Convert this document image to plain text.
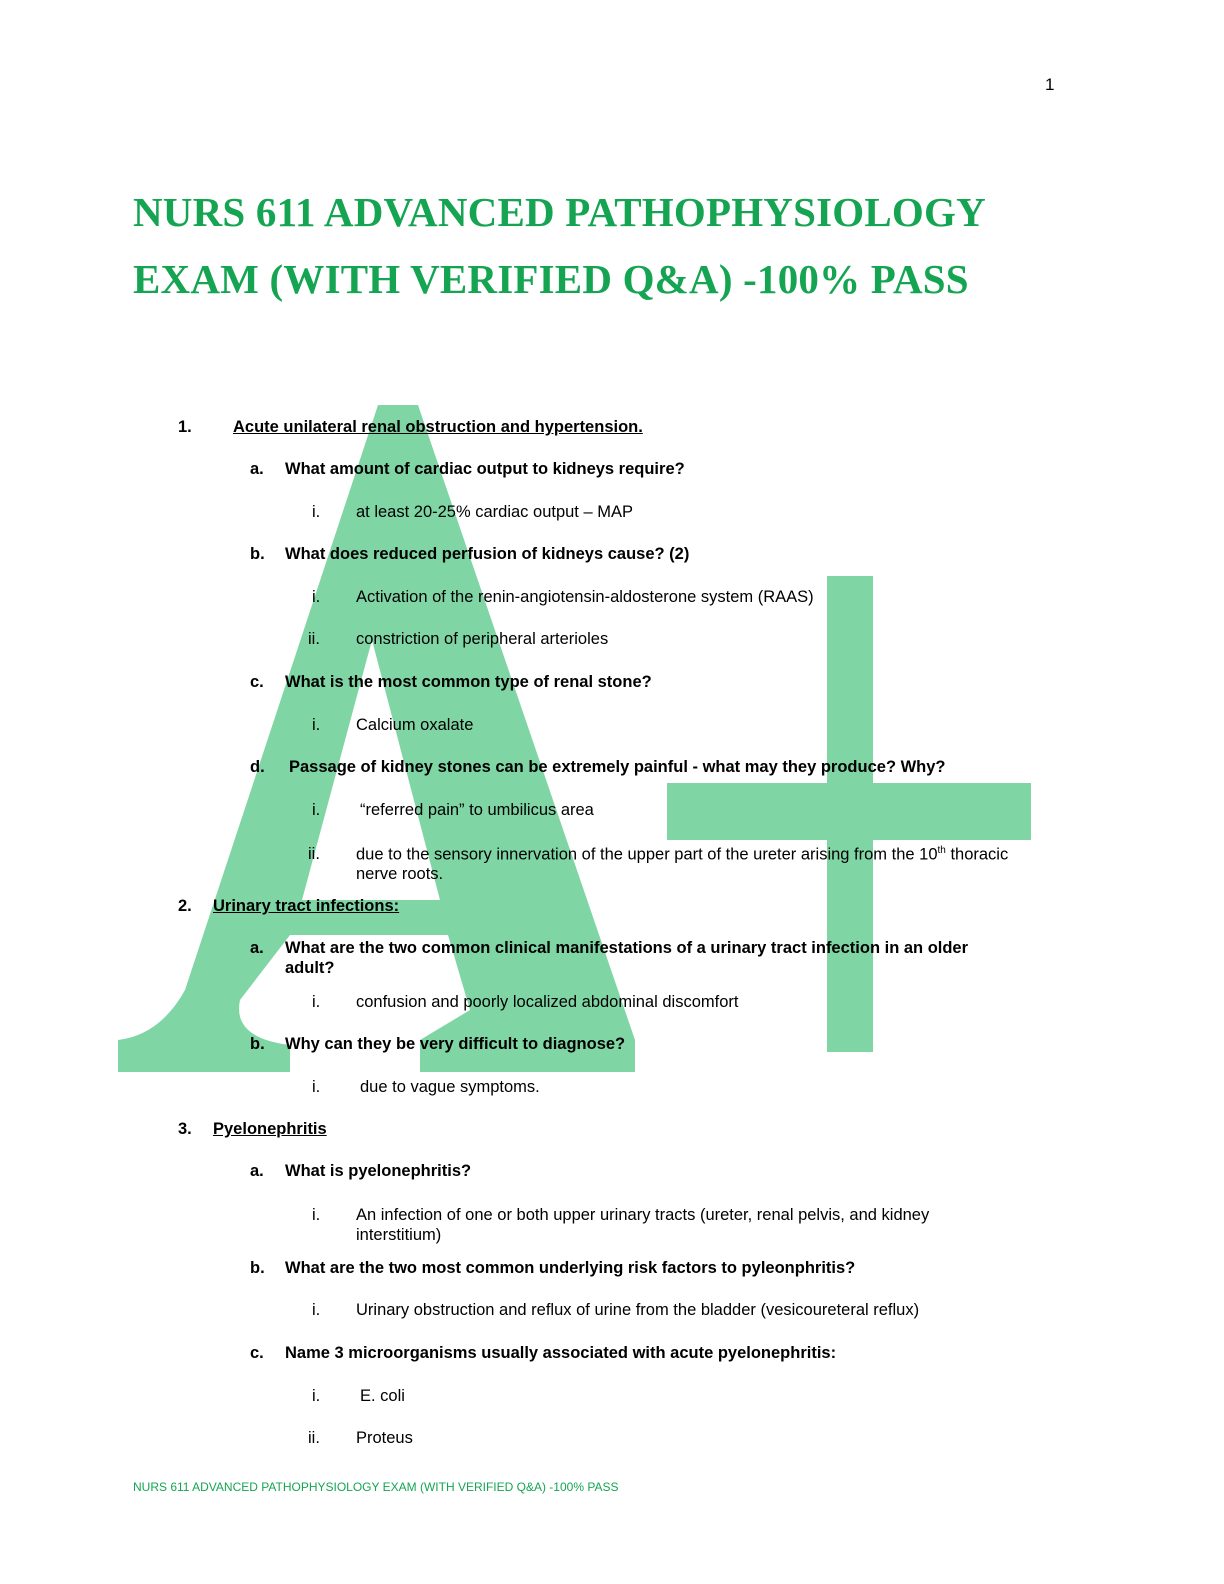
1
NURS 611 ADVANCED PATHOPHYSIOLOGY
EXAM (WITH VERIFIED Q&A) -100% PASS
1. Acute unilateral renal obstruction and hypertension.
a. What amount of cardiac output to kidneys require?
i. at least 20-25% cardiac output – MAP
b. What does reduced perfusion of kidneys cause? (2)
i. Activation of the renin-angiotensin-aldosterone system (RAAS)
ii. constriction of peripheral arterioles
c. What is the most common type of renal stone?
i. Calcium oxalate
d. Passage of kidney stones can be extremely painful - what may they produce? Why?
i. “referred pain” to umbilicus area
ii. due to the sensory innervation of the upper part of the ureter arising from the 10th thoracic
nerve roots.
2. Urinary tract infections:
a. What are the two common clinical manifestations of a urinary tract infection in an older
adult?
i. confusion and poorly localized abdominal discomfort
b. Why can they be very difficult to diagnose?
i. due to vague symptoms.
3. Pyelonephritis
a. What is pyelonephritis?
i. An infection of one or both upper urinary tracts (ureter, renal pelvis, and kidney
interstitium)
b. What are the two most common underlying risk factors to pyleonphritis?
i. Urinary obstruction and reflux of urine from the bladder (vesicoureteral reflux)
c. Name 3 microorganisms usually associated with acute pyelonephritis:
i. E. coli
ii. Proteus
NURS 611 ADVANCED PATHOPHYSIOLOGY EXAM (WITH VERIFIED Q&A) -100% PASS
